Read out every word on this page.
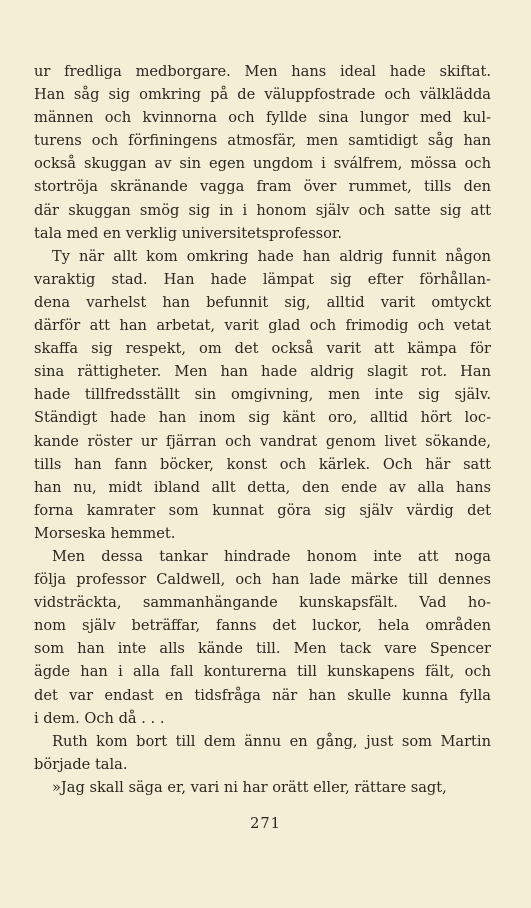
ur fredliga medborgare. Men hans ideal hade skiftat.
Han såg sig omkring på de väluppfostrade och välklädda
männen och kvinnorna och fyllde sina lungor med kul-
turens och förfiningens atmosfär, men samtidigt såg han
också skuggan av sin egen ungdom i sválfrem, mössa och
stortröja skränande vagga fram över rummet, tills den
där skuggan smög sig in i honom själv och satte sig att
tala med en verklig universitetsprofessor.
Ty när allt kom omkring hade han aldrig funnit någon
varaktig stad. Han hade lämpat sig efter förhållan-
dena varhelst han befunnit sig, alltid varit omtyckt
därför att han arbetat, varit glad och frimodig och vetat
skaffa sig respekt, om det också varit att kämpa för
sina rättigheter. Men han hade aldrig slagit rot. Han
hade tillfredsställt sin omgivning, men inte sig själv.
Ständigt hade han inom sig känt oro, alltid hört loc-
kande röster ur fjärran och vandrat genom livet sökande,
tills han fann böcker, konst och kärlek. Och här satt
han nu, midt ibland allt detta, den ende av alla hans
forna kamrater som kunnat göra sig själv värdig det
Morseska hemmet.
Men dessa tankar hindrade honom inte att noga
följa professor Caldwell, och han lade märke till dennes
vidsträckta, sammanhängande kunskapsfält. Vad ho-
nom själv beträffar, fanns det luckor, hela områden
som han inte alls kände till. Men tack vare Spencer
ägde han i alla fall konturerna till kunskapens fält, och
det var endast en tidsfråga när han skulle kunna fylla
i dem. Och då . . .
Ruth kom bort till dem ännu en gång, just som Martin
började tala.
»Jag skall säga er, vari ni har orätt eller, rättare sagt,
271
